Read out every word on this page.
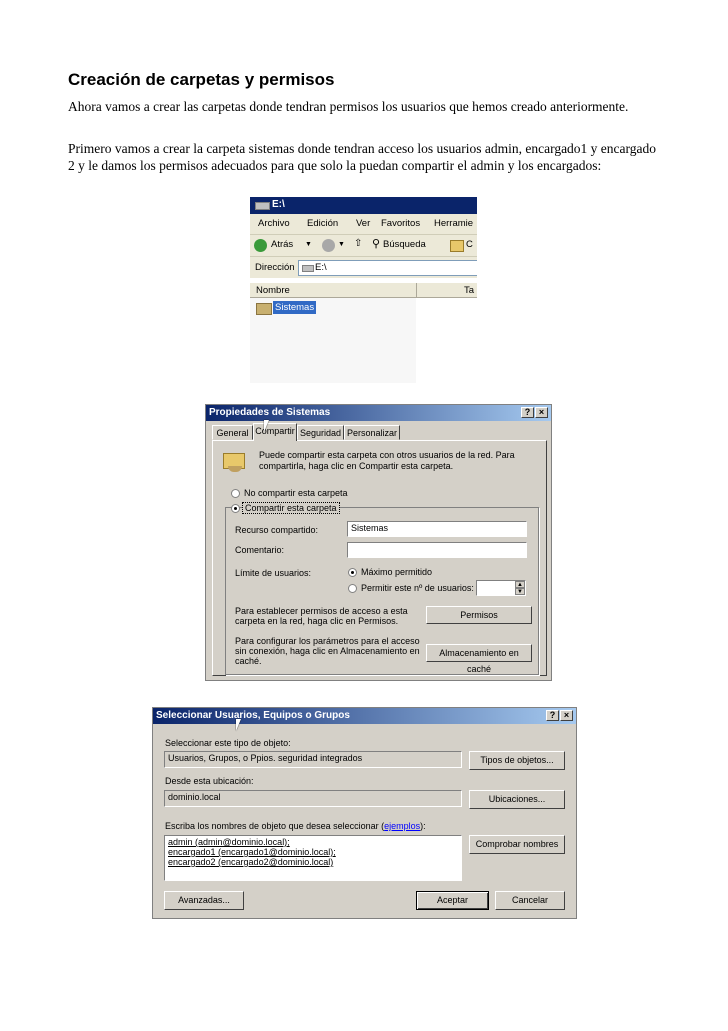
Creación de carpetas y permisos

Ahora vamos a crear las carpetas donde tendran permisos los usuarios que hemos creado anteriormente.

Primero vamos a crear la carpeta sistemas donde tendran acceso los usuarios admin, encargado1 y encargado 2 y le damos los permisos adecuados para que solo la puedan compartir el admin y los encargados:

E:\
Archivo Edición Ver Favoritos Herramie
Atrás ▼	▼ ⇧ ⚲ Búsqueda	C
Dirección E:\
Nombre	Ta
Sistemas
Propiedades de Sistemas	? ×
General Compartir Seguridad Personalizar
Puede compartir esta carpeta con otros usuarios de la red. Para compartirla, haga clic en Compartir esta carpeta.
No compartir esta carpeta
Compartir esta carpeta
Recurso compartido:	Sistemas
Comentario:
Límite de usuarios:	Máximo permitido
Permitir este nº de usuarios:	▲
▼
Para establecer permisos de acceso a esta carpeta en la red, haga clic en Permisos.
Permisos
Para configurar los parámetros para el acceso sin conexión, haga clic en Almacenamiento en caché.
Almacenamiento en caché
Seleccionar Usuarios, Equipos o Grupos	? ×
Seleccionar este tipo de objeto:
Usuarios, Grupos, o Ppios. seguridad integrados	Tipos de objetos...
Desde esta ubicación:
dominio.local	Ubicaciones...
Escriba los nombres de objeto que desea seleccionar (ejemplos):
admin (admin@dominio.local);
encargado1 (encargado1@dominio.local);
encargado2 (encargado2@dominio.local)
Comprobar nombres
Avanzadas...	Aceptar	Cancelar
